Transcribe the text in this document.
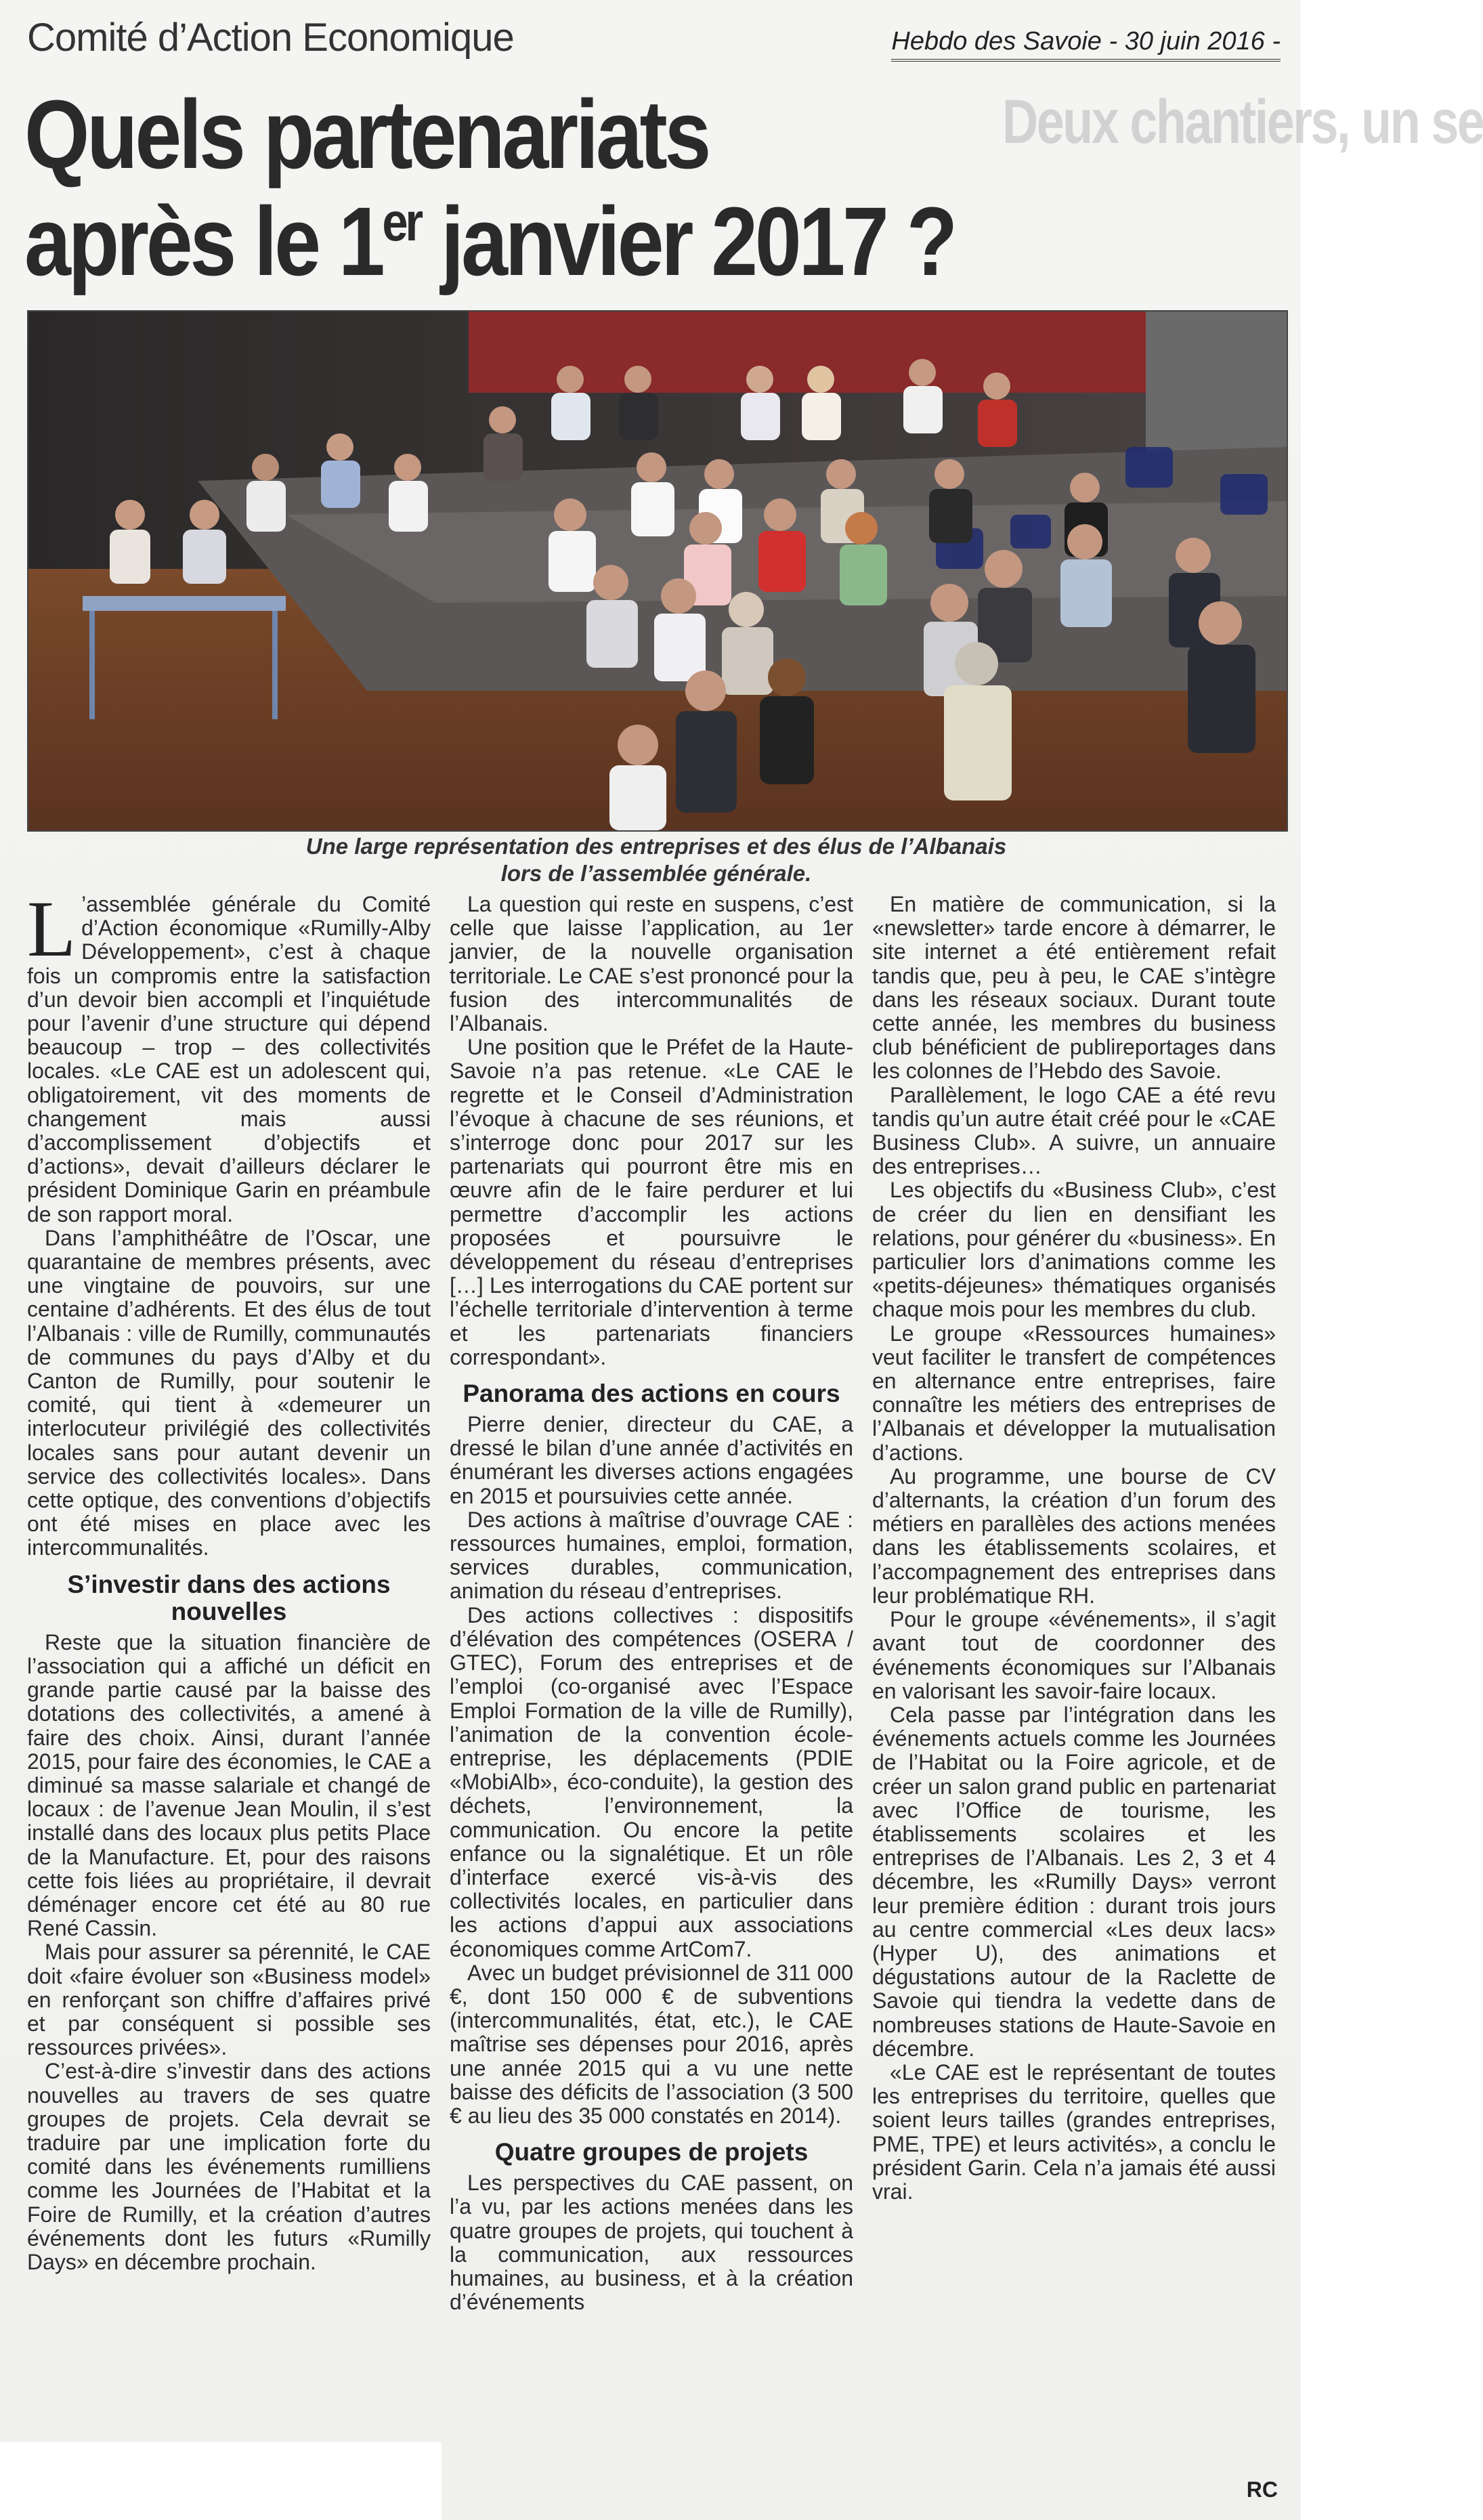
Comité d’Action Economique	Hebdo des Savoie - 30 juin 2016 -
Deux chantiers, un se
Quels partenariats
après le 1er janvier 2017 ?
Une large représentation des entreprises et des élus de l’Albanais
lors de l’assemblée générale.

L ’assemblée générale du Comité d’Action économique «Rumilly-Alby Développement», c’est à chaque fois un compromis entre la satisfaction d’un devoir bien accompli et l’inquiétude pour l’avenir d’une structure qui dépend beaucoup – trop – des collectivités locales. «Le CAE est un adolescent qui, obligatoirement, vit des moments de changement mais aussi d’accomplissement d’objectifs et d’actions», devait d’ailleurs déclarer le président Dominique Garin en préambule de son rapport moral.

Dans l’amphithéâtre de l’Oscar, une quarantaine de membres présents, avec une vingtaine de pouvoirs, sur une centaine d’adhérents. Et des élus de tout l’Albanais : ville de Rumilly, communautés de communes du pays d’Alby et du Canton de Rumilly, pour soutenir le comité, qui tient à «demeurer un interlocuteur privilégié des collectivités locales sans pour autant devenir un service des collectivités locales». Dans cette optique, des conventions d’objectifs ont été mises en place avec les intercommunalités.

S’investir dans des actions nouvelles

Reste que la situation financière de l’association qui a affiché un déficit en grande partie causé par la baisse des dotations des collectivités, a amené à faire des choix. Ainsi, durant l’année 2015, pour faire des économies, le CAE a diminué sa masse salariale et changé de locaux : de l’avenue Jean Moulin, il s’est installé dans des locaux plus petits Place de la Manufacture. Et, pour des raisons cette fois liées au propriétaire, il devrait déménager encore cet été au 80 rue René Cassin.

Mais pour assurer sa pérennité, le CAE doit «faire évoluer son «Business model» en renforçant son chiffre d’affaires privé et par conséquent si possible ses ressources privées».

C’est-à-dire s’investir dans des actions nouvelles au travers de ses quatre groupes de projets. Cela devrait se traduire par une implication forte du comité dans les événements rumilliens comme les Journées de l’Habitat et la Foire de Rumilly, et la création d’autres événements dont les futurs «Rumilly Days» en décembre prochain.

La question qui reste en suspens, c’est celle que laisse l’application, au 1er janvier, de la nouvelle organisation territoriale. Le CAE s’est prononcé pour la fusion des intercommunalités de l’Albanais.

Une position que le Préfet de la Haute-Savoie n’a pas retenue. «Le CAE le regrette et le Conseil d’Administration l’évoque à chacune de ses réunions, et s’interroge donc pour 2017 sur les partenariats qui pourront être mis en œuvre afin de le faire perdurer et lui permettre d’accomplir les actions proposées et poursuivre le développement du réseau d’entreprises […] Les interrogations du CAE portent sur l’échelle territoriale d’intervention à terme et les partenariats financiers correspondant».

Panorama des actions en cours

Pierre denier, directeur du CAE, a dressé le bilan d’une année d’activités en énumérant les diverses actions engagées en 2015 et poursuivies cette année.

Des actions à maîtrise d’ouvrage CAE : ressources humaines, emploi, formation, services durables, communication, animation du réseau d’entreprises.

Des actions collectives : dispositifs d’élévation des compétences (OSERA / GTEC), Forum des entreprises et de l’emploi (co-organisé avec l’Espace Emploi Formation de la ville de Rumilly), l’animation de la convention école-entreprise, les déplacements (PDIE «MobiAlb», éco-conduite), la gestion des déchets, l’environnement, la communication. Ou encore la petite enfance ou la signalétique. Et un rôle d’interface exercé vis-à-vis des collectivités locales, en particulier dans les actions d’appui aux associations économiques comme ArtCom7.

Avec un budget prévisionnel de 311 000 €, dont 150 000 € de subventions (intercommunalités, état, etc.), le CAE maîtrise ses dépenses pour 2016, après une année 2015 qui a vu une nette baisse des déficits de l’association (3 500 € au lieu des 35 000 constatés en 2014).

Quatre groupes de projets

Les perspectives du CAE passent, on l’a vu, par les actions menées dans les quatre groupes de projets, qui touchent à la communication, aux ressources humaines, au business, et à la création d’événements

En matière de communication, si la «newsletter» tarde encore à démarrer, le site internet a été entièrement refait tandis que, peu à peu, le CAE s’intègre dans les réseaux sociaux. Durant toute cette année, les membres du business club bénéficient de publireportages dans les colonnes de l’Hebdo des Savoie.

Parallèlement, le logo CAE a été revu tandis qu’un autre était créé pour le «CAE Business Club». A suivre, un annuaire des entreprises…

Les objectifs du «Business Club», c’est de créer du lien en densifiant les relations, pour générer du «business». En particulier lors d’animations comme les «petits-déjeunes» thématiques organisés chaque mois pour les membres du club.

Le groupe «Ressources humaines» veut faciliter le transfert de compétences en alternance entre entreprises, faire connaître les métiers des entreprises de l’Albanais et développer la mutualisation d’actions.

Au programme, une bourse de CV d’alternants, la création d’un forum des métiers en parallèles des actions menées dans les établissements scolaires, et l’accompagnement des entreprises dans leur problématique RH.

Pour le groupe «événements», il s’agit avant tout de coordonner des événements économiques sur l’Albanais en valorisant les savoir-faire locaux.

Cela passe par l’intégration dans les événements actuels comme les Journées de l’Habitat ou la Foire agricole, et de créer un salon grand public en partenariat avec l’Office de tourisme, les établissements scolaires et les entreprises de l’Albanais. Les 2, 3 et 4 décembre, les «Rumilly Days» verront leur première édition : durant trois jours au centre commercial «Les deux lacs» (Hyper U), des animations et dégustations autour de la Raclette de Savoie qui tiendra la vedette dans de nombreuses stations de Haute-Savoie en décembre.

«Le CAE est le représentant de toutes les entreprises du territoire, quelles que soient leurs tailles (grandes entreprises, PME, TPE) et leurs activités», a conclu le président Garin. Cela n’a jamais été aussi vrai.

RC
